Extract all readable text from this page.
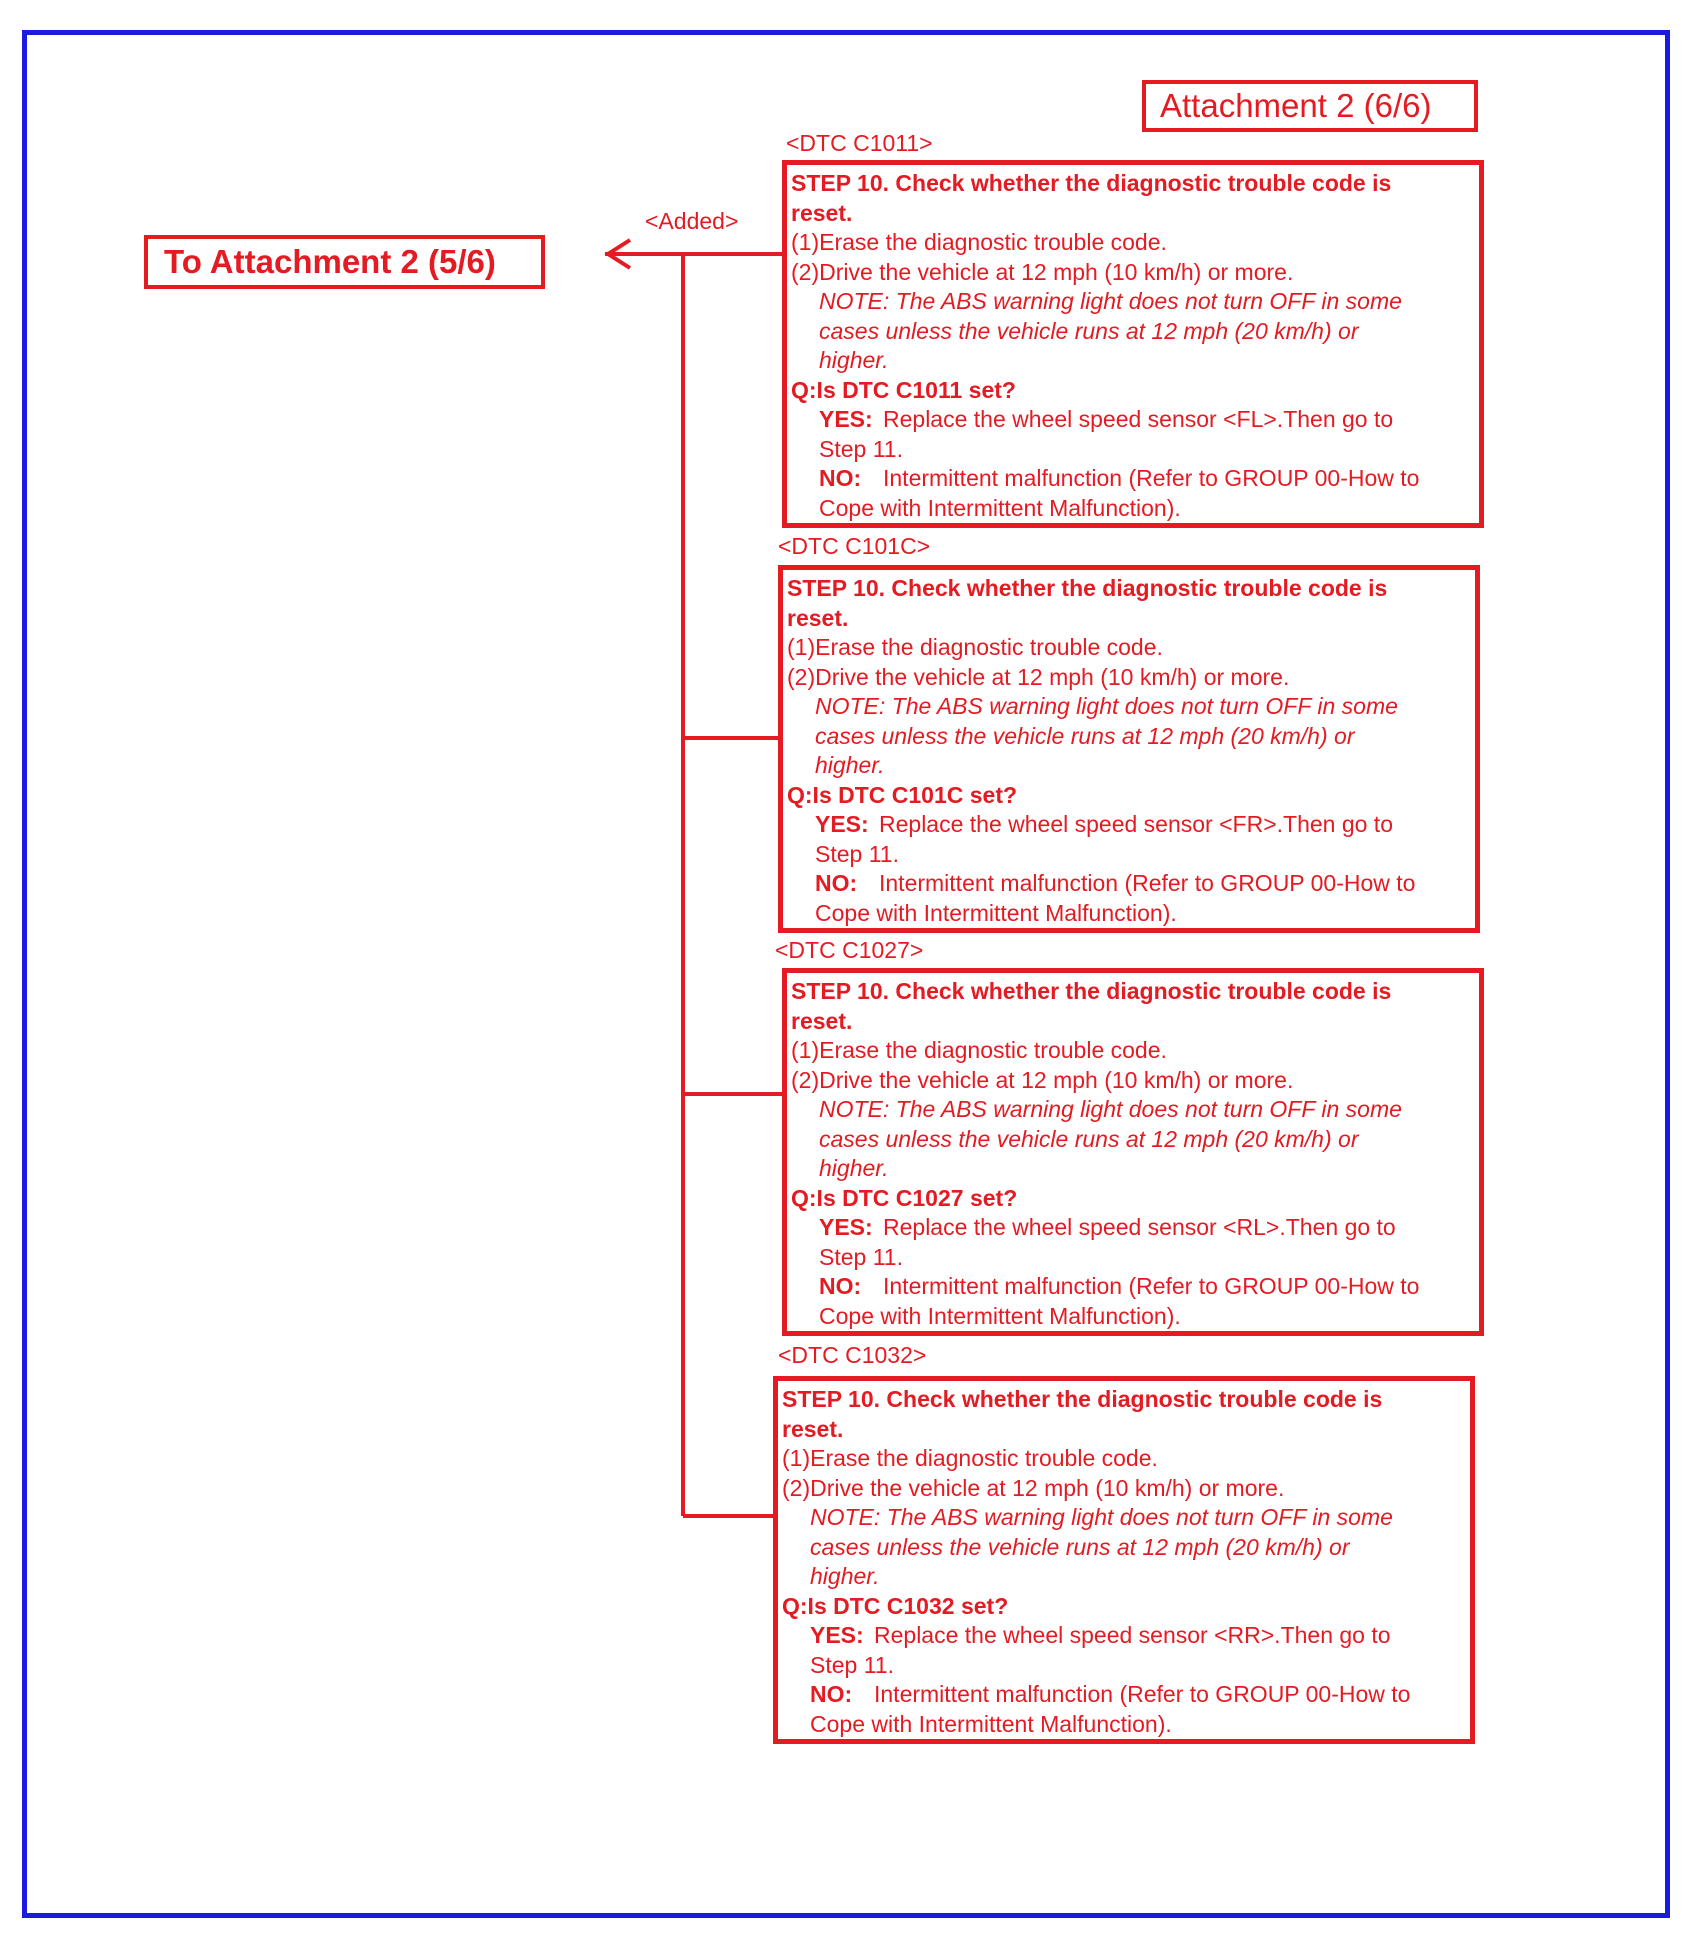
Attachment 2 (6/6)
To Attachment 2 (5/6)
<Added>
<DTC C1011>
STEP 10. Check whether the diagnostic trouble code is
reset.
(1)Erase the diagnostic trouble code.
(2)Drive the vehicle at 12 mph (10 km/h) or more.
NOTE: The ABS warning light does not turn OFF in some
cases unless the vehicle runs at 12 mph (20 km/h) or
higher.
Q:Is DTC C1011 set?
YES: Replace the wheel speed sensor <FL>.Then go to
Step 11.
NO: Intermittent malfunction (Refer to GROUP 00-How to
Cope with Intermittent Malfunction).
<DTC C101C>
STEP 10. Check whether the diagnostic trouble code is
reset.
(1)Erase the diagnostic trouble code.
(2)Drive the vehicle at 12 mph (10 km/h) or more.
NOTE: The ABS warning light does not turn OFF in some
cases unless the vehicle runs at 12 mph (20 km/h) or
higher.
Q:Is DTC C101C set?
YES: Replace the wheel speed sensor <FR>.Then go to
Step 11.
NO: Intermittent malfunction (Refer to GROUP 00-How to
Cope with Intermittent Malfunction).
<DTC C1027>
STEP 10. Check whether the diagnostic trouble code is
reset.
(1)Erase the diagnostic trouble code.
(2)Drive the vehicle at 12 mph (10 km/h) or more.
NOTE: The ABS warning light does not turn OFF in some
cases unless the vehicle runs at 12 mph (20 km/h) or
higher.
Q:Is DTC C1027 set?
YES: Replace the wheel speed sensor <RL>.Then go to
Step 11.
NO: Intermittent malfunction (Refer to GROUP 00-How to
Cope with Intermittent Malfunction).
<DTC C1032>
STEP 10. Check whether the diagnostic trouble code is
reset.
(1)Erase the diagnostic trouble code.
(2)Drive the vehicle at 12 mph (10 km/h) or more.
NOTE: The ABS warning light does not turn OFF in some
cases unless the vehicle runs at 12 mph (20 km/h) or
higher.
Q:Is DTC C1032 set?
YES: Replace the wheel speed sensor <RR>.Then go to
Step 11.
NO: Intermittent malfunction (Refer to GROUP 00-How to
Cope with Intermittent Malfunction).
